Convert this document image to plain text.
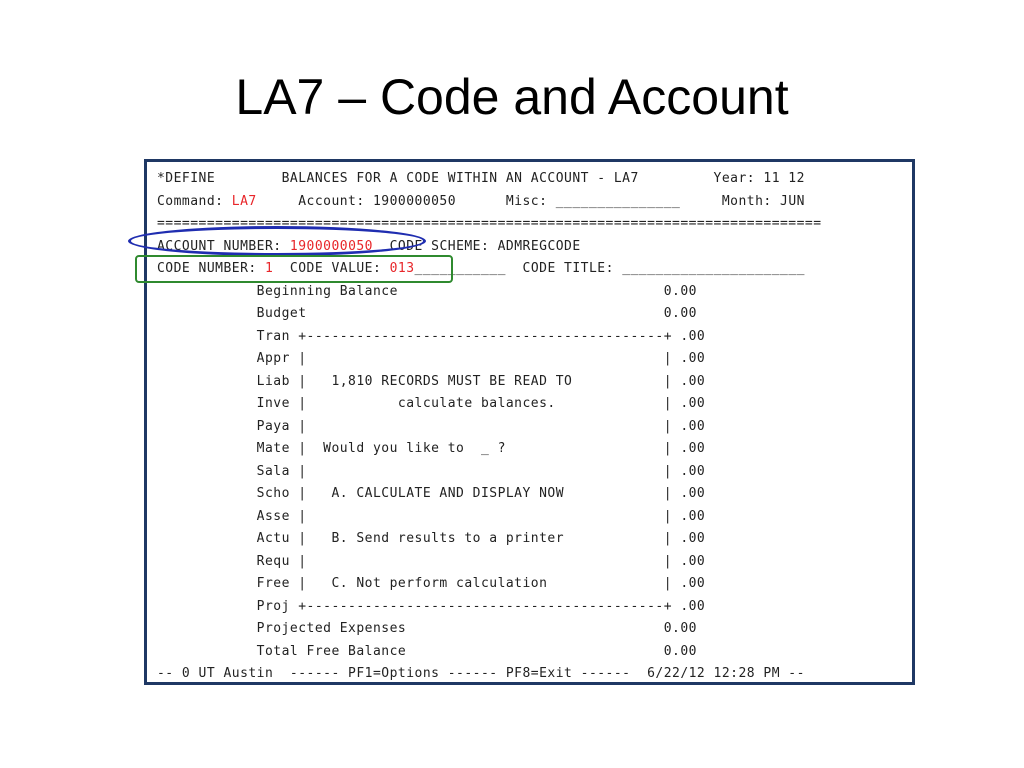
LA7 – Code and Account
*DEFINE        BALANCES FOR A CODE WITHIN AN ACCOUNT - LA7         Year: 11 12
Command: LA7     Account: 1900000050      Misc: _______________     Month: JUN
================================================================================
ACCOUNT NUMBER: 1900000050  CODE SCHEME: ADMREGCODE
CODE NUMBER: 1  CODE VALUE: 013___________  CODE TITLE: ______________________
Beginning Balance                                0.00
Budget                                           0.00
Tran +-------------------------------------------+ .00
Appr |                                           | .00
Liab |   1,810 RECORDS MUST BE READ TO           | .00
Inve |           calculate balances.             | .00
Paya |                                           | .00
Mate |  Would you like to  _ ?                   | .00
Sala |                                           | .00
Scho |   A. CALCULATE AND DISPLAY NOW            | .00
Asse |                                           | .00
Actu |   B. Send results to a printer            | .00
Requ |                                           | .00
Free |   C. Not perform calculation              | .00
Proj +-------------------------------------------+ .00
Projected Expenses                               0.00
Total Free Balance                               0.00
-- 0 UT Austin  ------ PF1=Options ------ PF8=Exit ------  6/22/12 12:28 PM --
